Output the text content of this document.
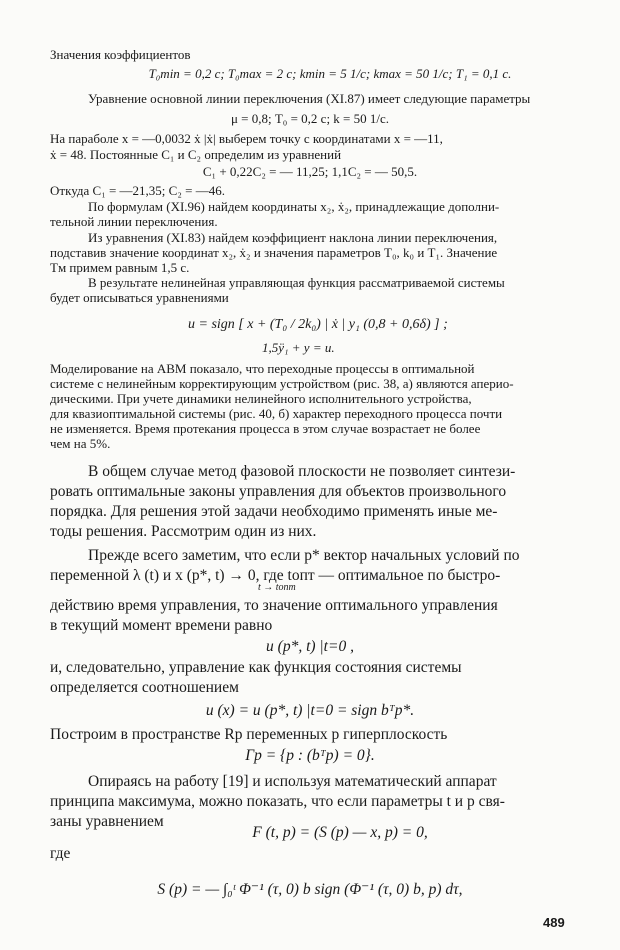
Значения коэффициентов
T₀min = 0,2 с; T₀max = 2 с; kmin = 5 1/с; kmax = 50 1/с; T₁ = 0,1 с.
Уравнение основной линии переключения (XI.87) имеет следующие параметры
μ = 0,8; T₀ = 0,2 с; k = 50 1/с.
На параболе x = —0,0032 ẋ |ẋ| выберем точку с координатами x = —11,
ẋ = 48. Постоянные C₁ и C₂ определим из уравнений
C₁ + 0,22C₂ = — 11,25; 1,1C₂ = — 50,5.
Откуда C₁ = —21,35; C₂ = —46.
По формулам (XI.96) найдем координаты x₂, ẋ₂, принадлежащие дополни-
тельной линии переключения.
Из уравнения (XI.83) найдем коэффициент наклона линии переключения,
подставив значение координат x₂, ẋ₂ и значения параметров T₀, k₀ и T₁. Значение
Tм примем равным 1,5 с.
В результате нелинейная управляющая функция рассматриваемой системы
будет описываться уравнениями
u = sign [ x + (T₀ / 2k₀) | ẋ | y₁ (0,8 + 0,6δ) ] ;
1,5ÿ₁ + y = u.
Моделирование на АВМ показало, что переходные процессы в оптимальной
системе с нелинейным корректирующим устройством (рис. 38, а) являются аперио-
дическими. При учете динамики нелинейного исполнительного устройства,
для квазиоптимальной системы (рис. 40, б) характер переходного процесса почти
не изменяется. Время протекания процесса в этом случае возрастает не более
чем на 5%.
В общем случае метод фазовой плоскости не позволяет синтези-
ровать оптимальные законы управления для объектов произвольного
порядка. Для решения этой задачи необходимо применять иные ме-
тоды решения. Рассмотрим один из них.
Прежде всего заметим, что если p* вектор начальных условий по
переменной λ (t) и x (p*, t) → 0, где tопт — оптимальное по быстро-
t → tопт
действию время управления, то значение оптимального управления
в текущий момент времени равно
u (p*, t) |t=0 ,
и, следовательно, управление как функция состояния системы
определяется соотношением
u (x) = u (p*, t) |t=0 = sign bᵀp*.
Построим в пространстве Rp переменных p гиперплоскость
Γp = {p : (bᵀp) = 0}.
Опираясь на работу [19] и используя математический аппарат
принципа максимума, можно показать, что если параметры t и p свя-
заны уравнением
F (t, p) = (S (p) — x, p) = 0,
где
S (p) = — ∫₀ᵗ Φ⁻¹ (τ, 0) b sign (Φ⁻¹ (τ, 0) b, p) dτ,
489
